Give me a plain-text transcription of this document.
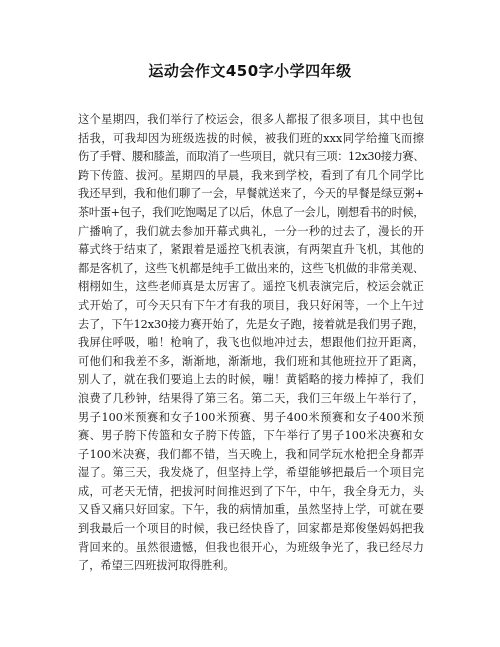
运动会作文450字小学四年级
这个星期四，我们举行了校运会，很多人都报了很多项目，其中也包
括我，可我却因为班级选拔的时候，被我们班的xxx同学给撞飞而擦
伤了手臂、腰和膝盖，而取消了一些项目，就只有三项：12x30接力赛、
跨下传篮、拔河。星期四的早晨，我来到学校，看到了有几个同学比
我还早到，我和他们聊了一会，早餐就送来了，今天的早餐是绿豆粥+
茶叶蛋+包子，我们吃饱喝足了以后，休息了一会儿，刚想看书的时候，
广播响了，我们就去参加开幕式典礼，一分一秒的过去了，漫长的开
幕式终于结束了，紧跟着是遥控飞机表演，有两架直升飞机，其他的
都是客机了，这些飞机都是纯手工做出来的，这些飞机做的非常美观、
栩栩如生，这些老师真是太厉害了。遥控飞机表演完后，校运会就正
式开始了，可今天只有下午才有我的项目，我只好闲等，一个上午过
去了，下午12x30接力赛开始了，先是女子跑，接着就是我们男子跑，
我屏住呼吸，啪！枪响了，我飞也似地冲过去，想跟他们拉开距离，
可他们和我差不多，渐渐地，渐渐地，我们班和其他班拉开了距离，
别人了，就在我们要追上去的时候，嘣！黄韬略的接力棒掉了，我们
浪费了几秒钟，结果得了第三名。第二天，我们三年级上午举行了，
男子100米预赛和女子100米预赛、男子400米预赛和女子400米预
赛、男子胯下传篮和女子胯下传篮，下午举行了男子100米决赛和女
子100米决赛，我们都不错，当天晚上，我和同学玩水枪把全身都弄
湿了。第三天，我发烧了，但坚持上学，希望能够把最后一个项目完
成，可老天无情，把拔河时间推迟到了下午，中午，我全身无力，头
又昏又痛只好回家。下午，我的病情加重，虽然坚持上学，可就在要
到我最后一个项目的时候，我已经快昏了，回家都是郑俊堡妈妈把我
背回来的。虽然很遗憾，但我也很开心，为班级争光了，我已经尽力
了，希望三四班拔河取得胜利。
